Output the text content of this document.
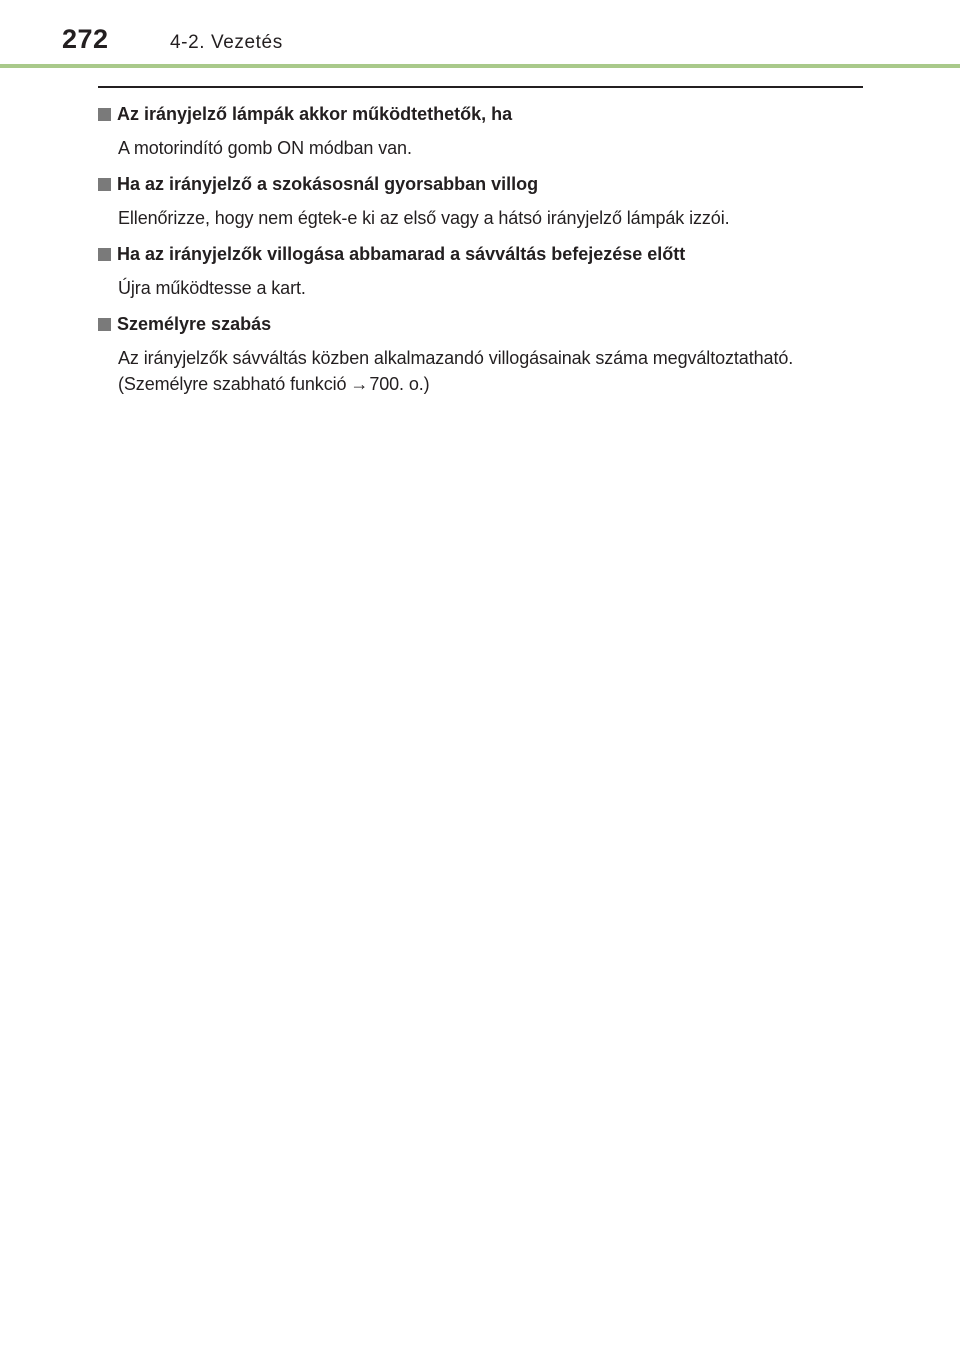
272	4-2. Vezetés
Az irányjelző lámpák akkor működtethetők, ha
A motorindító gomb ON módban van.
Ha az irányjelző a szokásosnál gyorsabban villog
Ellenőrizze, hogy nem égtek-e ki az első vagy a hátsó irányjelző lámpák izzói.
Ha az irányjelzők villogása abbamarad a sávváltás befejezése előtt
Újra működtesse a kart.
Személyre szabás
Az irányjelzők sávváltás közben alkalmazandó villogásainak száma megváltoztatható.
(Személyre szabható funkció →700. o.)
